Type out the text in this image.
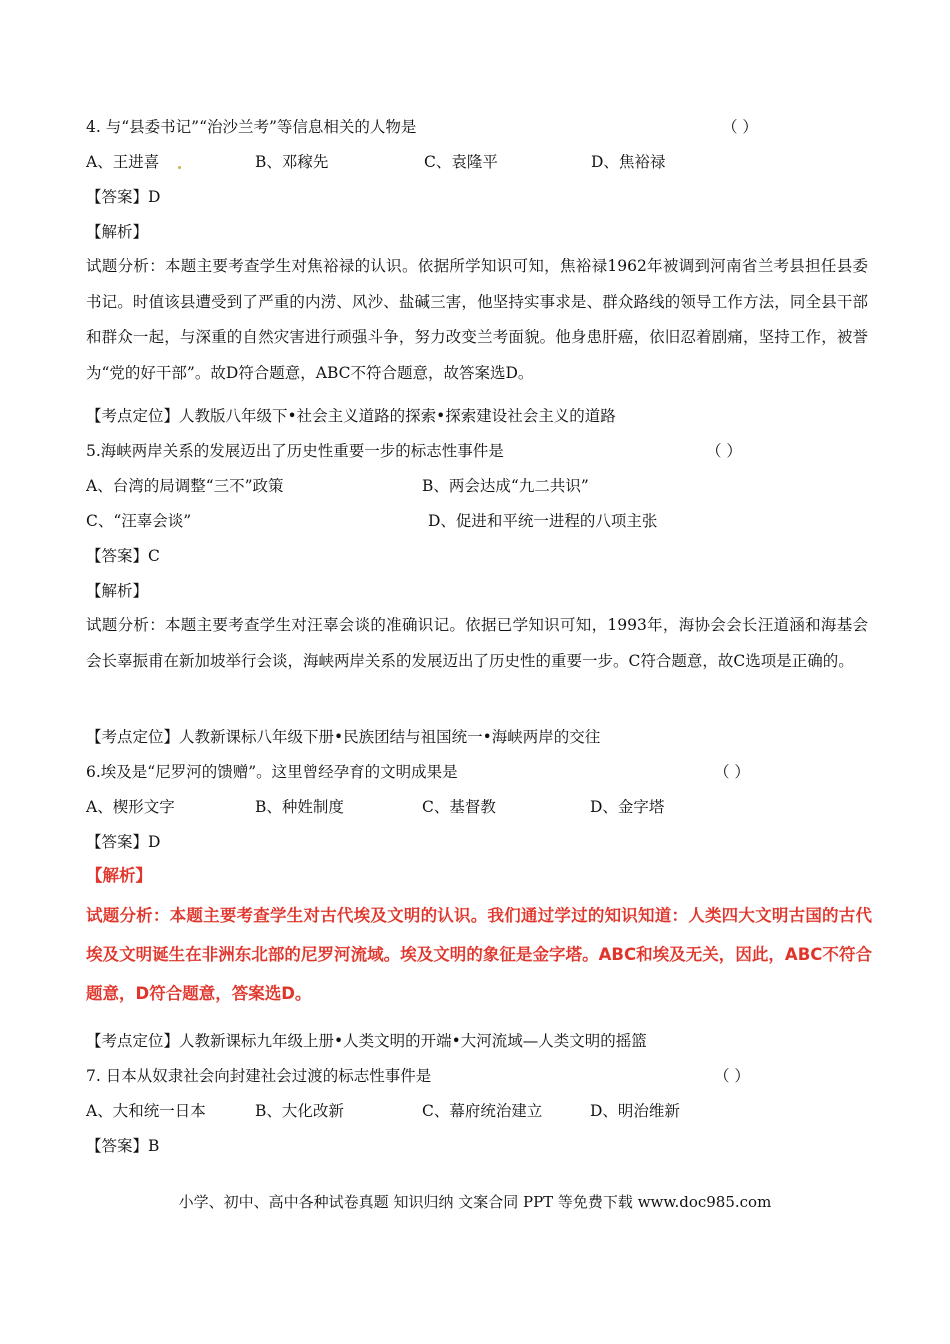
4. 与“县委书记”“治沙兰考”等信息相关的人物是	（ ）
A、王进喜	B、邓稼先	C、袁隆平	D、焦裕禄
【答案】D
【解析】
试题分析：本题主要考查学生对焦裕禄的认识。依据所学知识可知，焦裕禄1962年被调到河南省兰考县担任县委书记。时值该县遭受到了严重的内涝、风沙、盐碱三害，他坚持实事求是、群众路线的领导工作方法，同全县干部和群众一起，与深重的自然灾害进行顽强斗争，努力改变兰考面貌。他身患肝癌，依旧忍着剧痛，坚持工作，被誉为“党的好干部”。故D符合题意，ABC不符合题意，故答案选D。
【考点定位】人教版八年级下•社会主义道路的探索•探索建设社会主义的道路
5.海峡两岸关系的发展迈出了历史性重要一步的标志性事件是	（ ）
A、台湾的局调整“三不”政策	B、两会达成“九二共识”
C、“汪辜会谈”	D、促进和平统一进程的八项主张
【答案】C
【解析】
试题分析：本题主要考查学生对汪辜会谈的准确识记。依据已学知识可知，1993年，海协会会长汪道涵和海基会会长辜振甫在新加坡举行会谈，海峡两岸关系的发展迈出了历史性的重要一步。C符合题意，故C选项是正确的。
【考点定位】人教新课标八年级下册•民族团结与祖国统一•海峡两岸的交往
6.埃及是“尼罗河的馈赠”。这里曾经孕育的文明成果是	（ ）
A、楔形文字	B、种姓制度	C、基督教	D、金字塔
【答案】D
【解析】
试题分析：本题主要考查学生对古代埃及文明的认识。我们通过学过的知识知道：人类四大文明古国的古代埃及文明诞生在非洲东北部的尼罗河流域。埃及文明的象征是金字塔。ABC和埃及无关，因此，ABC不符合题意，D符合题意，答案选D。
【考点定位】人教新课标九年级上册•人类文明的开端•大河流域—人类文明的摇篮
7. 日本从奴隶社会向封建社会过渡的标志性事件是	（ ）
A、大和统一日本	B、大化改新	C、幕府统治建立	D、明治维新
【答案】B
小学、初中、高中各种试卷真题 知识归纳 文案合同 PPT 等免费下载 www.doc985.com
